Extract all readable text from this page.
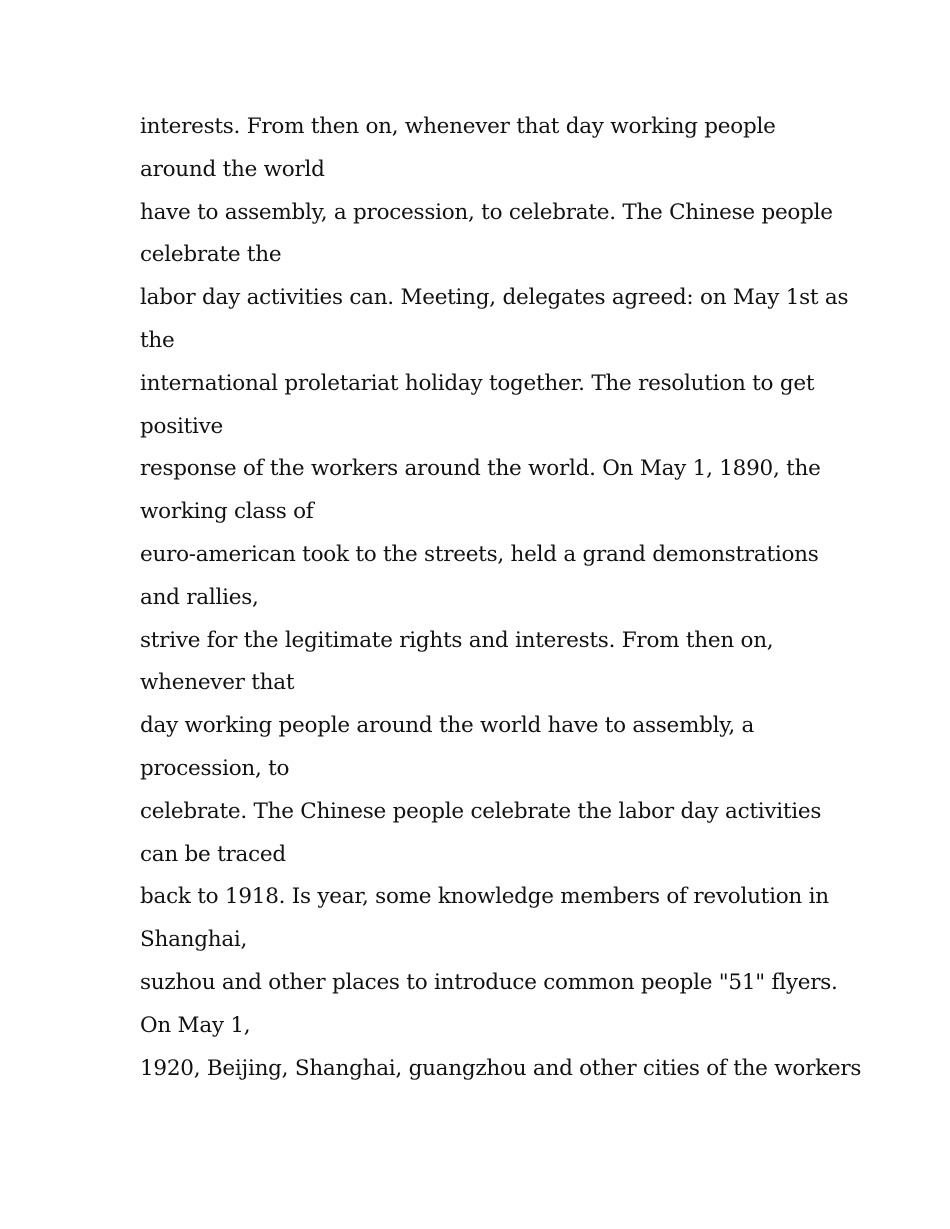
interests. From then on, whenever that day working people
around the world
have to assembly, a procession, to celebrate. The Chinese people
celebrate the
labor day activities can. Meeting, delegates agreed: on May 1st as
the
international proletariat holiday together. The resolution to get
positive
response of the workers around the world. On May 1, 1890, the
working class of
euro-american took to the streets, held a grand demonstrations
and rallies,
strive for the legitimate rights and interests. From then on,
whenever that
day working people around the world have to assembly, a
procession, to
celebrate. The Chinese people celebrate the labor day activities
can be traced
back to 1918. Is year, some knowledge members of revolution in
Shanghai,
suzhou and other places to introduce common people "51" flyers.
On May 1,
1920, Beijing, Shanghai, guangzhou and other cities of the workers
